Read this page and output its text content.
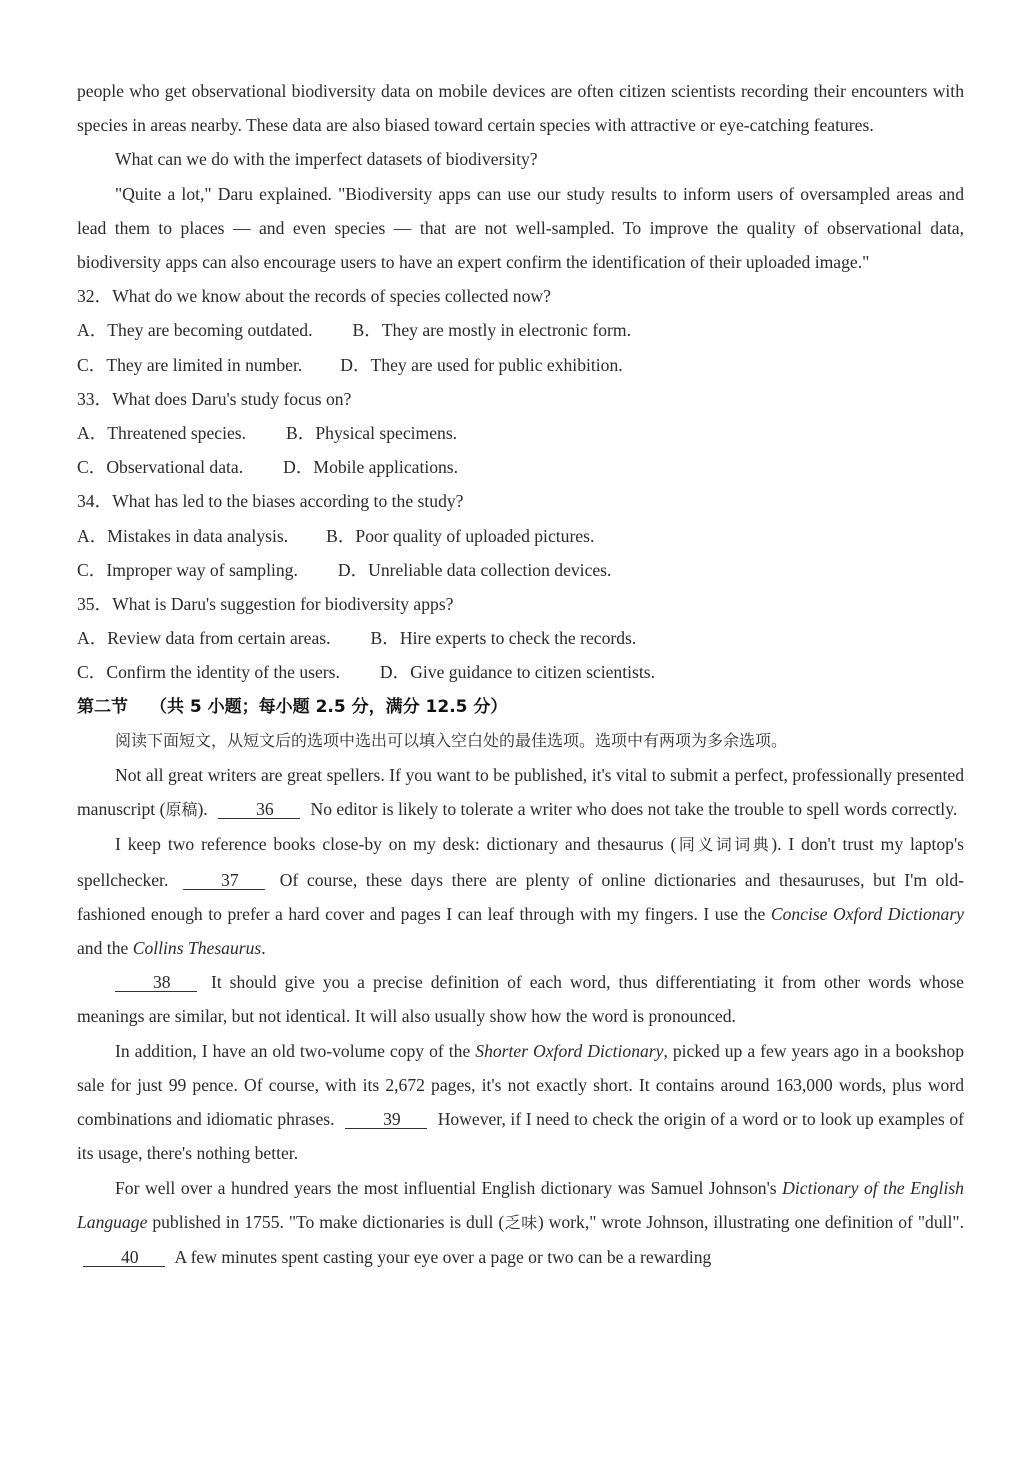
people who get observational biodiversity data on mobile devices are often citizen scientists recording their encounters with species in areas nearby. These data are also biased toward certain species with attractive or eye-catching features.

What can we do with the imperfect datasets of biodiversity?

"Quite a lot," Daru explained. "Biodiversity apps can use our study results to inform users of oversampled areas and lead them to places — and even species — that are not well-sampled. To improve the quality of observational data, biodiversity apps can also encourage users to have an expert confirm the identification of their uploaded image."

32．What do we know about the records of species collected now?

A．They are becoming outdated. B．They are mostly in electronic form.

C．They are limited in number. D．They are used for public exhibition.

33．What does Daru's study focus on?

A．Threatened species. B．Physical specimens.

C．Observational data. D．Mobile applications.

34．What has led to the biases according to the study?

A．Mistakes in data analysis. B．Poor quality of uploaded pictures.

C．Improper way of sampling. D．Unreliable data collection devices.

35．What is Daru's suggestion for biodiversity apps?

A．Review data from certain areas. B．Hire experts to check the records.

C．Confirm the identity of the users. D．Give guidance to citizen scientists.

第二节 （共 5 小题；每小题 2.5 分，满分 12.5 分）

阅读下面短文，从短文后的选项中选出可以填入空白处的最佳选项。选项中有两项为多余选项。

Not all great writers are great spellers. If you want to be published, it's vital to submit a perfect, professionally presented manuscript (原稿).	36 No editor is likely to tolerate a writer who does not take the trouble to spell words correctly.

I keep two reference books close-by on my desk: dictionary and thesaurus (同义词词典). I don't trust my laptop's spellchecker.	37 Of course, these days there are plenty of online dictionaries and thesauruses, but I'm old-fashioned enough to prefer a hard cover and pages I can leaf through with my fingers. I use the Concise Oxford Dictionary and the Collins Thesaurus.

38 It should give you a precise definition of each word, thus differentiating it from other words whose meanings are similar, but not identical. It will also usually show how the word is pronounced.

In addition, I have an old two-volume copy of the Shorter Oxford Dictionary, picked up a few years ago in a bookshop sale for just 99 pence. Of course, with its 2,672 pages, it's not exactly short. It contains around 163,000 words, plus word combinations and idiomatic phrases.	39 However, if I need to check the origin of a word or to look up examples of its usage, there's nothing better.

For well over a hundred years the most influential English dictionary was Samuel Johnson's Dictionary of the English Language published in 1755. "To make dictionaries is dull (乏味) work," wrote Johnson, illustrating one definition of "dull". 40 A few minutes spent casting your eye over a page or two can be a rewarding
